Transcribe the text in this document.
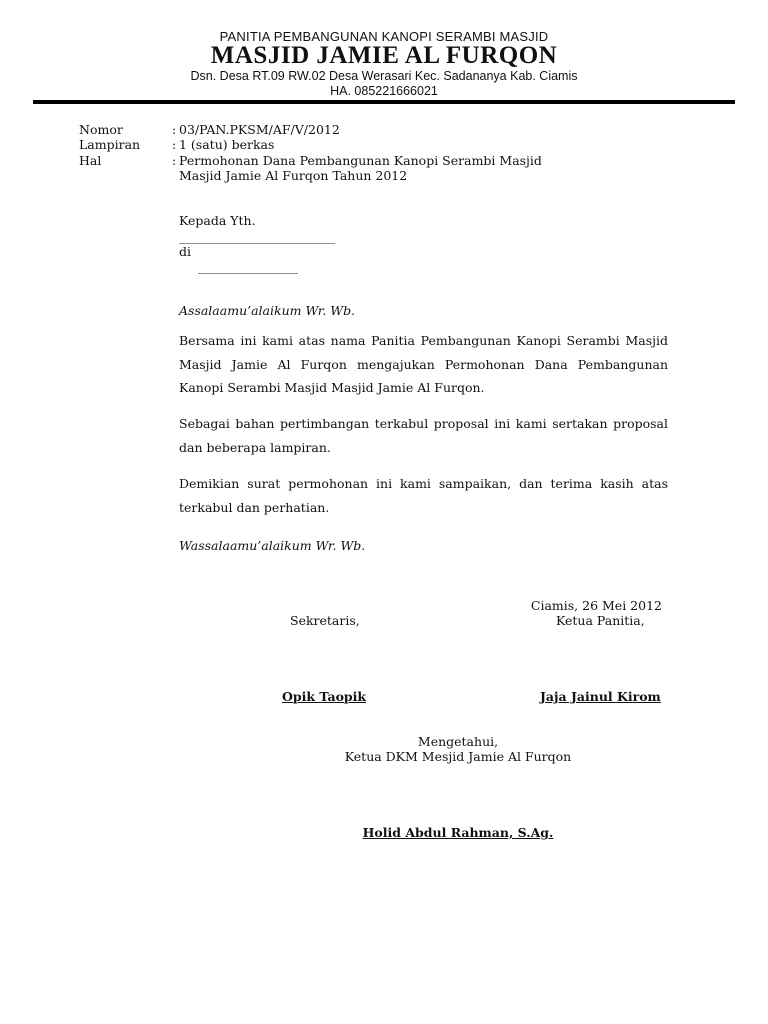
PANITIA PEMBANGUNAN KANOPI SERAMBI MASJID
MASJID JAMIE AL FURQON
Dsn. Desa RT.09 RW.02 Desa Werasari Kec. Sadananya Kab. Ciamis
HA. 085221666021
Nomor	: 03/PAN.PKSM/AF/V/2012
Lampiran	: 1 (satu) berkas
Hal	: Permohonan Dana Pembangunan Kanopi Serambi Masjid
Masjid Jamie Al Furqon Tahun 2012
Kepada Yth.
_________________________
di
________________
Assalaamu’alaikum Wr. Wb.
Bersama ini kami atas nama Panitia Pembangunan Kanopi Serambi Masjid Masjid Jamie Al Furqon mengajukan Permohonan Dana Pembangunan Kanopi Serambi Masjid Masjid Jamie Al Furqon.
Sebagai bahan pertimbangan terkabul proposal ini kami sertakan proposal dan beberapa lampiran.
Demikian surat permohonan ini kami sampaikan, dan terima kasih atas terkabul dan perhatian.
Wassalaamu’alaikum Wr. Wb.
Ciamis, 26 Mei 2012
Sekretaris,	Ketua Panitia,
Opik Taopik	Jaja Jainul Kirom
Mengetahui,
Ketua DKM Mesjid Jamie Al Furqon
Holid Abdul Rahman, S.Ag.
